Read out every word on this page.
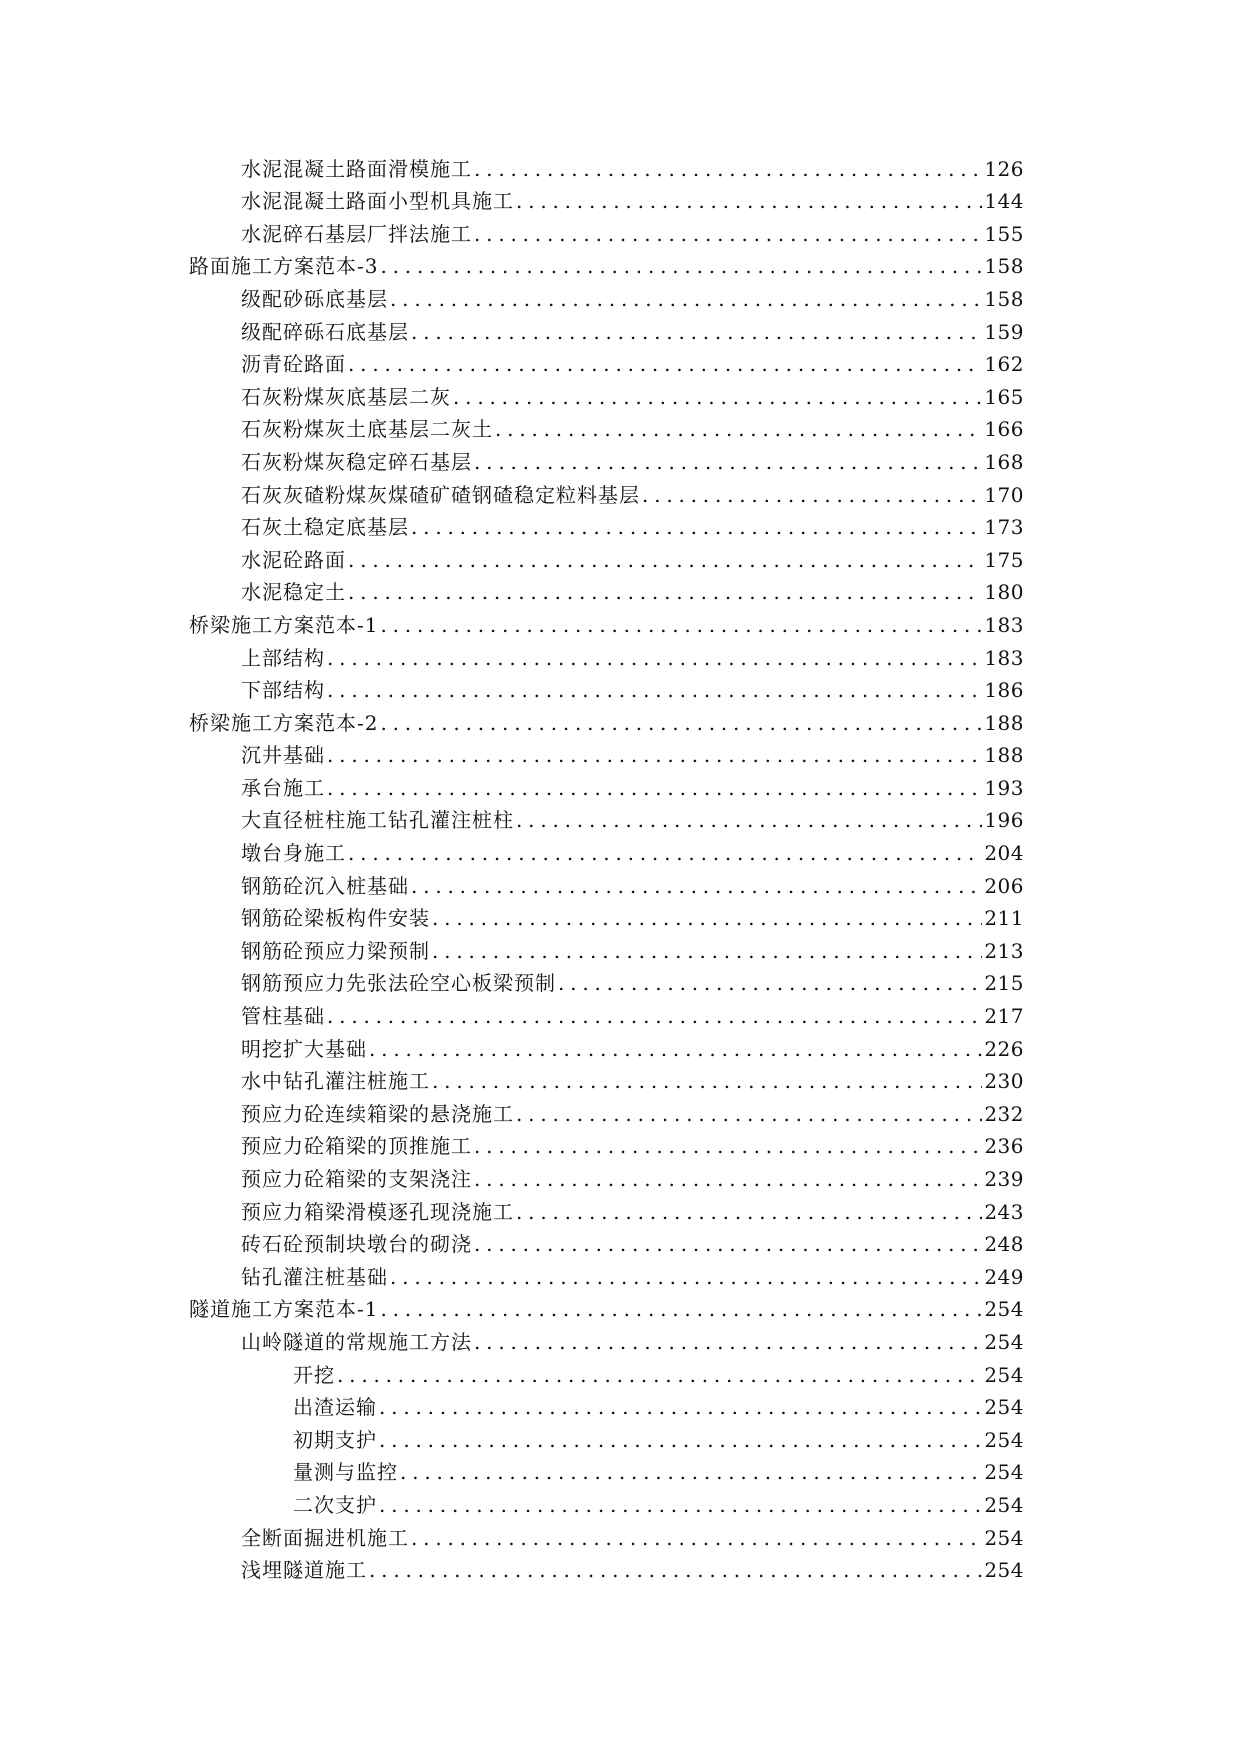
水泥混凝土路面滑模施工 .....	126
水泥混凝土路面小型机具施工 .....	144
水泥碎石基层厂拌法施工 .....	155
路面施工方案范本-3 .....	158
级配砂砾底基层 .....	158
级配碎砾石底基层 .....	159
沥青砼路面 .....	162
石灰粉煤灰底基层二灰 .....	165
石灰粉煤灰土底基层二灰土 .....	166
石灰粉煤灰稳定碎石基层 .....	168
石灰灰碴粉煤灰煤碴矿碴钢碴稳定粒料基层 .....	170
石灰土稳定底基层 .....	173
水泥砼路面 .....	175
水泥稳定土 .....	180
桥梁施工方案范本-1 .....	183
上部结构 .....	183
下部结构 .....	186
桥梁施工方案范本-2 .....	188
沉井基础 .....	188
承台施工 .....	193
大直径桩柱施工钻孔灌注桩柱 .....	196
墩台身施工 .....	204
钢筋砼沉入桩基础 .....	206
钢筋砼梁板构件安装 .....	211
钢筋砼预应力梁预制 .....	213
钢筋预应力先张法砼空心板梁预制 .....	215
管柱基础 .....	217
明挖扩大基础 .....	226
水中钻孔灌注桩施工 .....	230
预应力砼连续箱梁的悬浇施工 .....	232
预应力砼箱梁的顶推施工 .....	236
预应力砼箱梁的支架浇注 .....	239
预应力箱梁滑模逐孔现浇施工 .....	243
砖石砼预制块墩台的砌浇 .....	248
钻孔灌注桩基础 .....	249
隧道施工方案范本-1 .....	254
山岭隧道的常规施工方法 .....	254
开挖 .....	254
出渣运输 .....	254
初期支护 .....	254
量测与监控 .....	254
二次支护 .....	254
全断面掘进机施工 .....	254
浅埋隧道施工 .....	254
